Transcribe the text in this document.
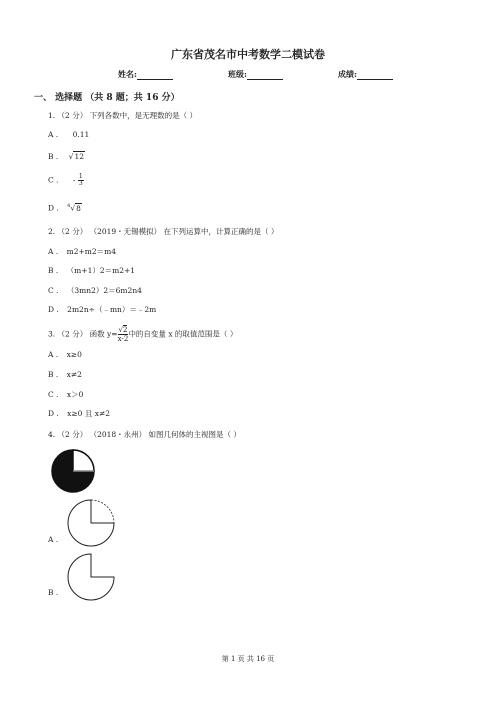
广东省茂名市中考数学二模试卷
姓名:	班级:	成绩:
一、 选择题 （共 8 题；共 16 分）
1. （2 分） 下列各数中，是无理数的是（ ）
A . 0.11
B . √12
C . - $\frac{1}{3}$
D . $^4$√8
2. （2 分） （2019・无锡模拟） 在下列运算中，计算正确的是（ ）
A . m2+m2＝m4
B . （m+1）2＝m2+1
C . （3mn2）2＝6m2n4
D . 2m2n÷（﹣mn）＝﹣2m
3. （2 分） 函数 $y= \frac{√2}{x-2}$ 中的自变量 x 的取值范围是（ ）
A . x≥0
B . x≠2
C . x＞0
D . x≥0 且 x≠2
4. （2 分） （2018・永州） 如图几何体的主视图是（ ）
A .
B .
第 1 页 共 16 页
